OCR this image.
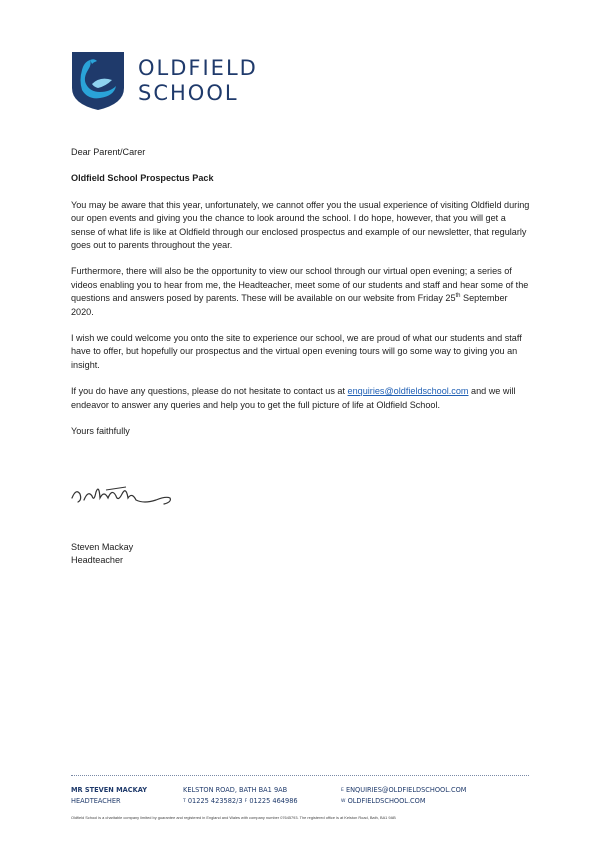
OLDFIELD
SCHOOL

Dear Parent/Carer

Oldfield School Prospectus Pack

You may be aware that this year, unfortunately, we cannot offer you the usual experience of visiting Oldfield during our open events and giving you the chance to look around the school. I do hope, however, that you will get a sense of what life is like at Oldfield through our enclosed prospectus and example of our newsletter, that regularly goes out to parents throughout the year.

Furthermore, there will also be the opportunity to view our school through our virtual open evening; a series of videos enabling you to hear from me, the Headteacher, meet some of our students and staff and hear some of the questions and answers posed by parents. These will be available on our website from Friday 25th September 2020.

I wish we could welcome you onto the site to experience our school, we are proud of what our students and staff have to offer, but hopefully our prospectus and the virtual open evening tours will go some way to giving you an insight.

If you do have any questions, please do not hesitate to contact us at enquiries@oldfieldschool.com and we will endeavor to answer any queries and help you to get the full picture of life at Oldfield School.

Yours faithfully

Steven Mackay
Headteacher
MR STEVEN MACKAY
HEADTEACHER
KELSTON ROAD, BATH BA1 9AB
$^T$ 01225 423582/3 $^F$ 01225 464986
$^E$ ENQUIRIES@OLDFIELDSCHOOL.COM
$^W$ OLDFIELDSCHOOL.COM
Oldfield School is a charitable company limited by guarantee and registered in England and Wales with company number 07645793. The registered office is at Kelston Road, Bath, BA1 9AB
